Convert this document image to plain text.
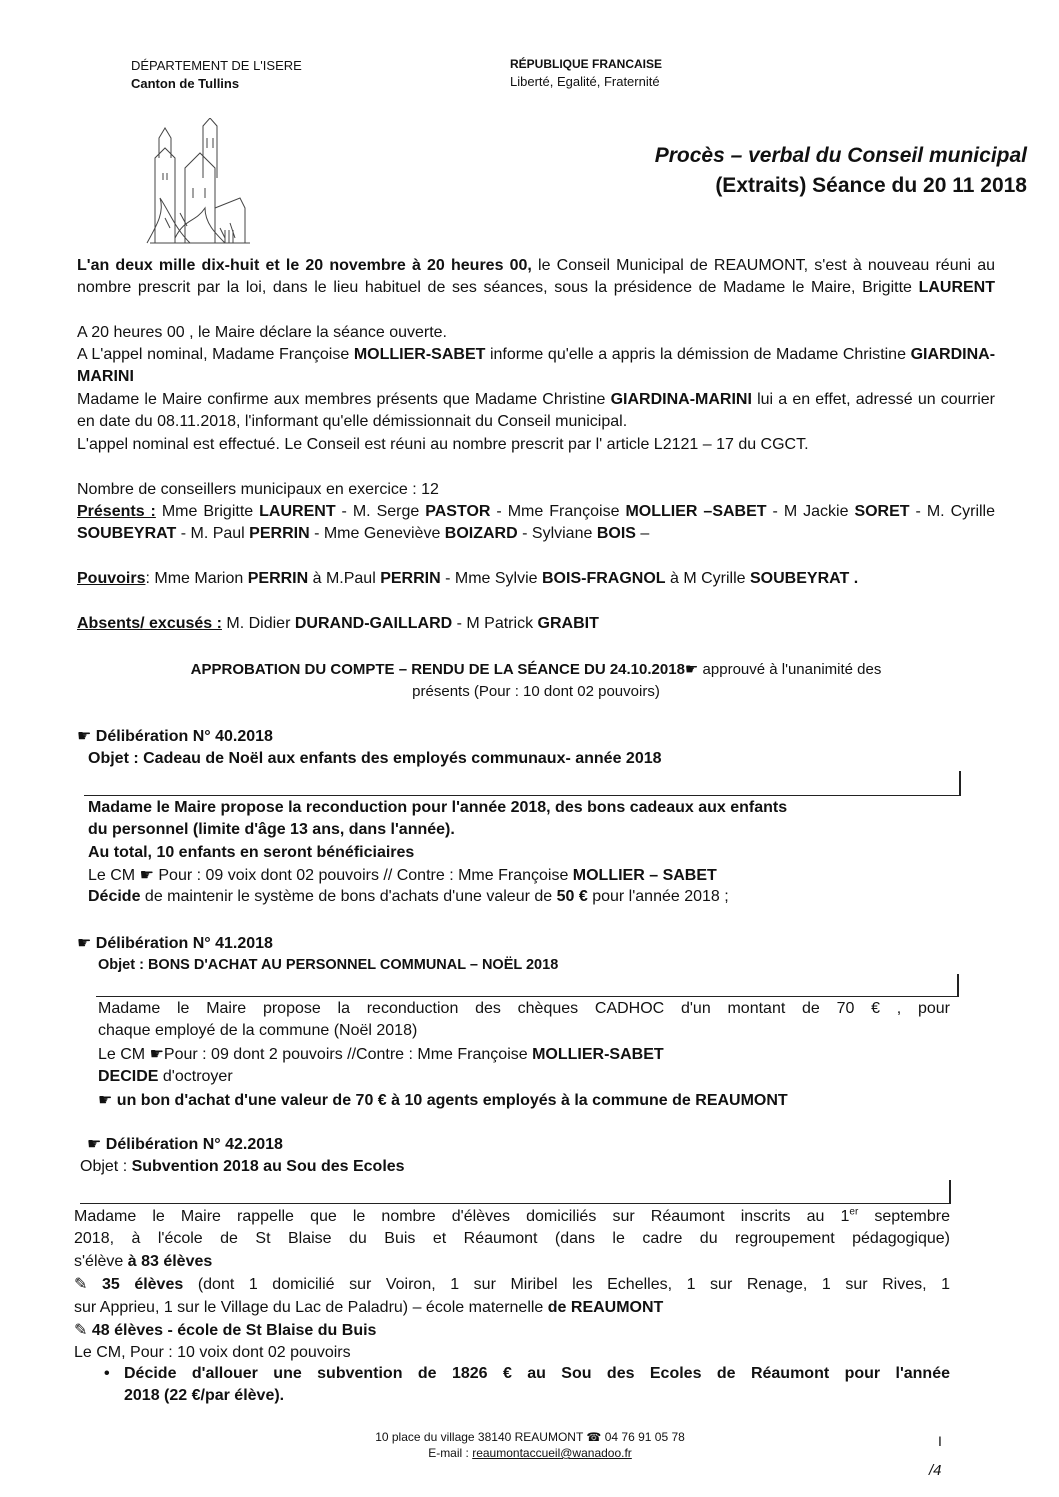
DÉPARTEMENT DE L'ISERE
Canton de Tullins
RÉPUBLIQUE FRANCAISE
Liberté, Egalité, Fraternité
Procès – verbal du Conseil municipal
(Extraits) Séance du 20 11 2018
L'an deux mille dix-huit et le 20 novembre à 20 heures 00, le Conseil Municipal de REAUMONT, s'est à nouveau réuni au nombre prescrit par la loi, dans le lieu habituel de ses séances, sous la présidence de Madame le Maire, Brigitte LAURENT
A 20 heures 00 , le Maire déclare la séance ouverte.
A L'appel nominal, Madame Françoise MOLLIER-SABET informe qu'elle a appris la démission de Madame Christine GIARDINA-MARINI
Madame le Maire confirme aux membres présents que Madame Christine GIARDINA-MARINI lui a en effet, adressé un courrier en date du 08.11.2018, l'informant qu'elle démissionnait du Conseil municipal.
L'appel nominal est effectué. Le Conseil est réuni au nombre prescrit par l' article L2121 – 17 du CGCT.
Nombre de conseillers municipaux en exercice : 12
Présents : Mme Brigitte LAURENT - M. Serge PASTOR - Mme Françoise MOLLIER –SABET - M Jackie SORET - M. Cyrille SOUBEYRAT - M. Paul PERRIN - Mme Geneviève BOIZARD - Sylviane BOIS –
Pouvoirs: Mme Marion PERRIN à M.Paul PERRIN - Mme Sylvie BOIS-FRAGNOL à M Cyrille SOUBEYRAT .
Absents/ excusés : M. Didier DURAND-GAILLARD - M Patrick GRABIT
APPROBATION DU COMPTE – RENDU DE LA SÉANCE DU 24.10.2018☛ approuvé à l'unanimité des
présents (Pour : 10 dont 02 pouvoirs)
☛ Délibération N° 40.2018
Objet : Cadeau de Noël aux enfants des employés communaux- année 2018
Madame le Maire propose la reconduction pour l'année 2018, des bons cadeaux aux enfants
du personnel (limite d'âge 13 ans, dans l'année).
Au total, 10 enfants en seront bénéficiaires
Le CM ☛ Pour : 09 voix dont 02 pouvoirs // Contre : Mme Françoise MOLLIER – SABET
Décide de maintenir le système de bons d'achats d'une valeur de 50 € pour l'année 2018 ;
☛ Délibération N° 41.2018
Objet : BONS D'ACHAT AU PERSONNEL COMMUNAL – NOËL 2018
Madame le Maire propose la reconduction des chèques CADHOC d'un montant de 70 € , pour
chaque employé de la commune (Noël 2018)
Le CM ☛Pour : 09 dont 2 pouvoirs //Contre : Mme Françoise MOLLIER-SABET
DECIDE d'octroyer
☛ un bon d'achat d'une valeur de 70 € à 10 agents employés à la commune de REAUMONT
☛ Délibération N° 42.2018
Objet : Subvention 2018 au Sou des Ecoles
Madame le Maire rappelle que le nombre d'élèves domiciliés sur Réaumont inscrits au 1er septembre
2018, à l'école de St Blaise du Buis et Réaumont (dans le cadre du regroupement pédagogique)
s'élève à 83 élèves
✎ 35 élèves (dont 1 domicilié sur Voiron, 1 sur Miribel les Echelles, 1 sur Renage, 1 sur Rives, 1
sur Apprieu, 1 sur le Village du Lac de Paladru) – école maternelle de REAUMONT
✎ 48 élèves - école de St Blaise du Buis
Le CM, Pour : 10 voix dont 02 pouvoirs
• Décide d'allouer une subvention de 1826 € au Sou des Ecoles de Réaumont pour l'année
2018 (22 €/par élève).
10 place du village 38140 REAUMONT ☎ 04 76 91 05 78
E-mail : reaumontaccueil@wanadoo.fr
I
/4
